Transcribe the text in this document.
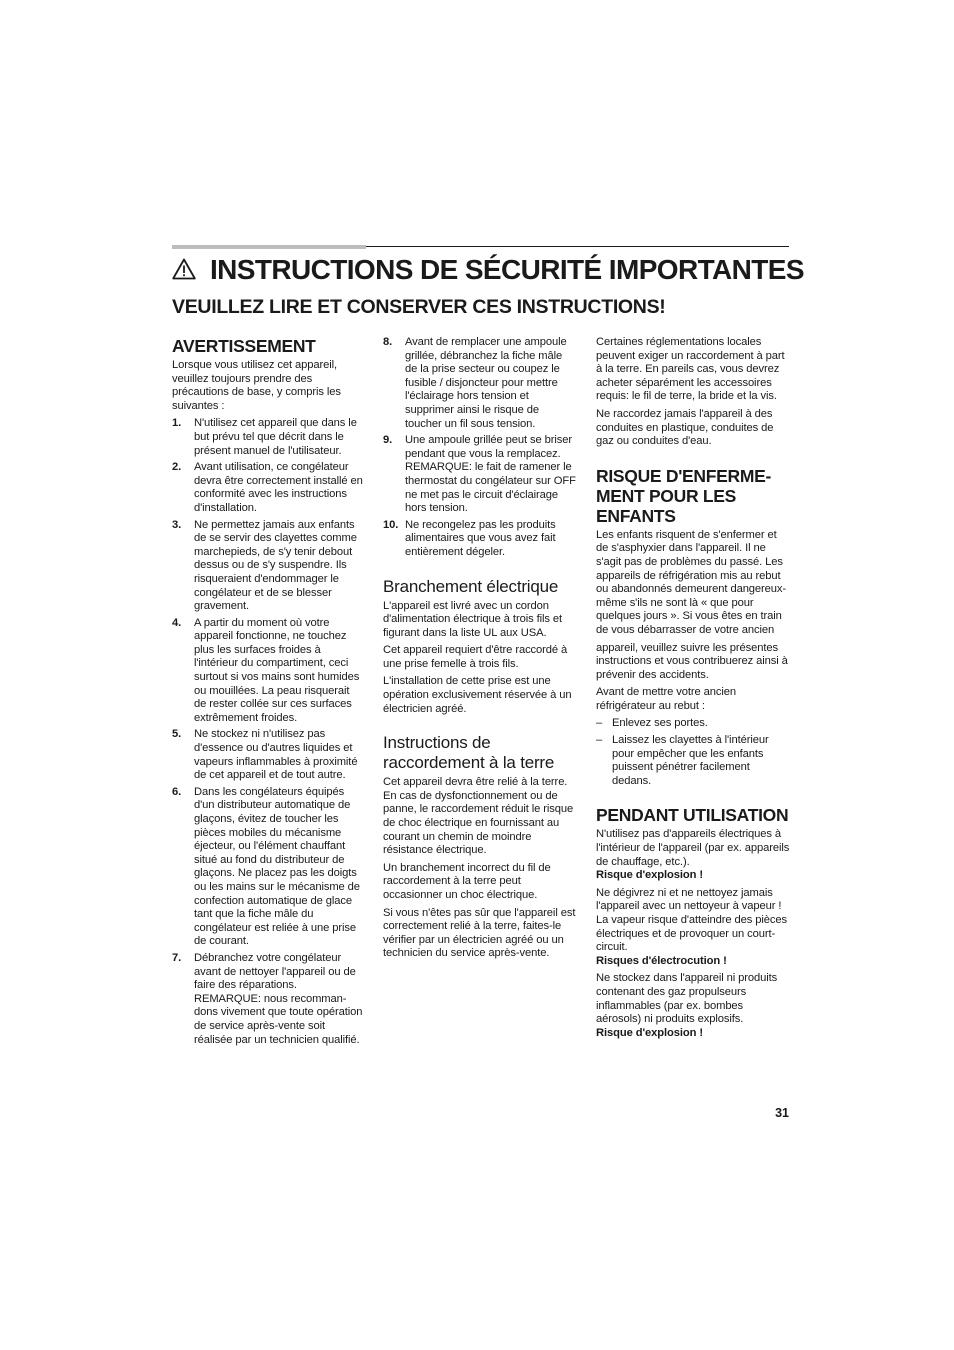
INSTRUCTIONS DE SÉCURITÉ IMPORTANTES
VEUILLEZ LIRE ET CONSERVER CES INSTRUCTIONS!
AVERTISSEMENT

Lorsque vous utilisez cet appareil, veuillez toujours prendre des précautions de base, y compris les suivantes :

1. N'utilisez cet appareil que dans le but prévu tel que décrit dans le présent manuel de l'utilisateur.
2. Avant utilisation, ce congélateur devra être correctement installé en conformité avec les instructions d'installation.
3. Ne permettez jamais aux enfants de se servir des clayettes comme marchepieds, de s'y tenir debout dessus ou de s'y suspendre. Ils risqueraient d'endommager le congélateur et de se blesser gravement.
4. A partir du moment où votre appareil fonctionne, ne touchez plus les surfaces froides à l'intérieur du compartiment, ceci surtout si vos mains sont humides ou mouillées. La peau risquerait de rester collée sur ces surfaces extrêmement froides.
5. Ne stockez ni n'utilisez pas d'essence ou d'autres liquides et vapeurs inflammables à proximité de cet appareil et de tout autre.
6. Dans les congélateurs équipés d'un distributeur automatique de glaçons, évitez de toucher les pièces mobiles du mécanisme éjecteur, ou l'élément chauffant situé au fond du distributeur de glaçons. Ne placez pas les doigts ou les mains sur le mécanisme de confection automatique de glace tant que la fiche mâle du congélateur est reliée à une prise de courant.
7. Débranchez votre congélateur avant de nettoyer l'appareil ou de faire des réparations. REMARQUE: nous recomman-dons vivement que toute opération de service après-vente soit réalisée par un technicien qualifié.
8. Avant de remplacer une ampoule grillée, débranchez la fiche mâle de la prise secteur ou coupez le fusible / disjoncteur pour mettre l'éclairage hors tension et supprimer ainsi le risque de toucher un fil sous tension.
9. Une ampoule grillée peut se briser pendant que vous la remplacez. REMARQUE: le fait de ramener le thermostat du congélateur sur OFF ne met pas le circuit d'éclairage hors tension.
10. Ne recongelez pas les produits alimentaires que vous avez fait entièrement dégeler.
Branchement électrique

L'appareil est livré avec un cordon d'alimentation électrique à trois fils et figurant dans la liste UL aux USA.

Cet appareil requiert d'être raccordé à une prise femelle à trois fils.

L'installation de cette prise est une opération exclusivement réservée à un électricien agréé.

Instructions de raccordement à la terre

Cet appareil devra être relié à la terre. En cas de dysfonctionnement ou de panne, le raccordement réduit le risque de choc électrique en fournissant au courant un chemin de moindre résistance électrique.

Un branchement incorrect du fil de raccordement à la terre peut occasionner un choc électrique.

Si vous n'êtes pas sûr que l'appareil est correctement relié à la terre, faites-le vérifier par un électricien agréé ou un technicien du service après-vente.

Certaines réglementations locales peuvent exiger un raccordement à part à la terre. En pareils cas, vous devrez acheter séparément les accessoires requis: le fil de terre, la bride et la vis.

Ne raccordez jamais l'appareil à des conduites en plastique, conduites de gaz ou conduites d'eau.

RISQUE D'ENFERME-MENT POUR LES ENFANTS

Les enfants risquent de s'enfermer et de s'asphyxier dans l'appareil. Il ne s'agit pas de problèmes du passé. Les appareils de réfrigération mis au rebut ou abandonnés demeurent dangereux-même s'ils ne sont là « que pour quelques jours ». Si vous êtes en train de vous débarrasser de votre ancien

appareil, veuillez suivre les présentes instructions et vous contribuerez ainsi à prévenir des accidents.

Avant de mettre votre ancien réfrigérateur au rebut :

– Enlevez ses portes.
– Laissez les clayettes à l'intérieur pour empêcher que les enfants puissent pénétrer facilement dedans.
PENDANT UTILISATION

N'utilisez pas d'appareils électriques à l'intérieur de l'appareil (par ex. appareils de chauffage, etc.).
Risque d'explosion !

Ne dégivrez ni et ne nettoyez jamais l'appareil avec un nettoyeur à vapeur ! La vapeur risque d'atteindre des pièces électriques et de provoquer un court-circuit.
Risques d'électrocution !

Ne stockez dans l'appareil ni produits contenant des gaz propulseurs inflammables (par ex. bombes aérosols) ni produits explosifs.
Risque d'explosion !

31
